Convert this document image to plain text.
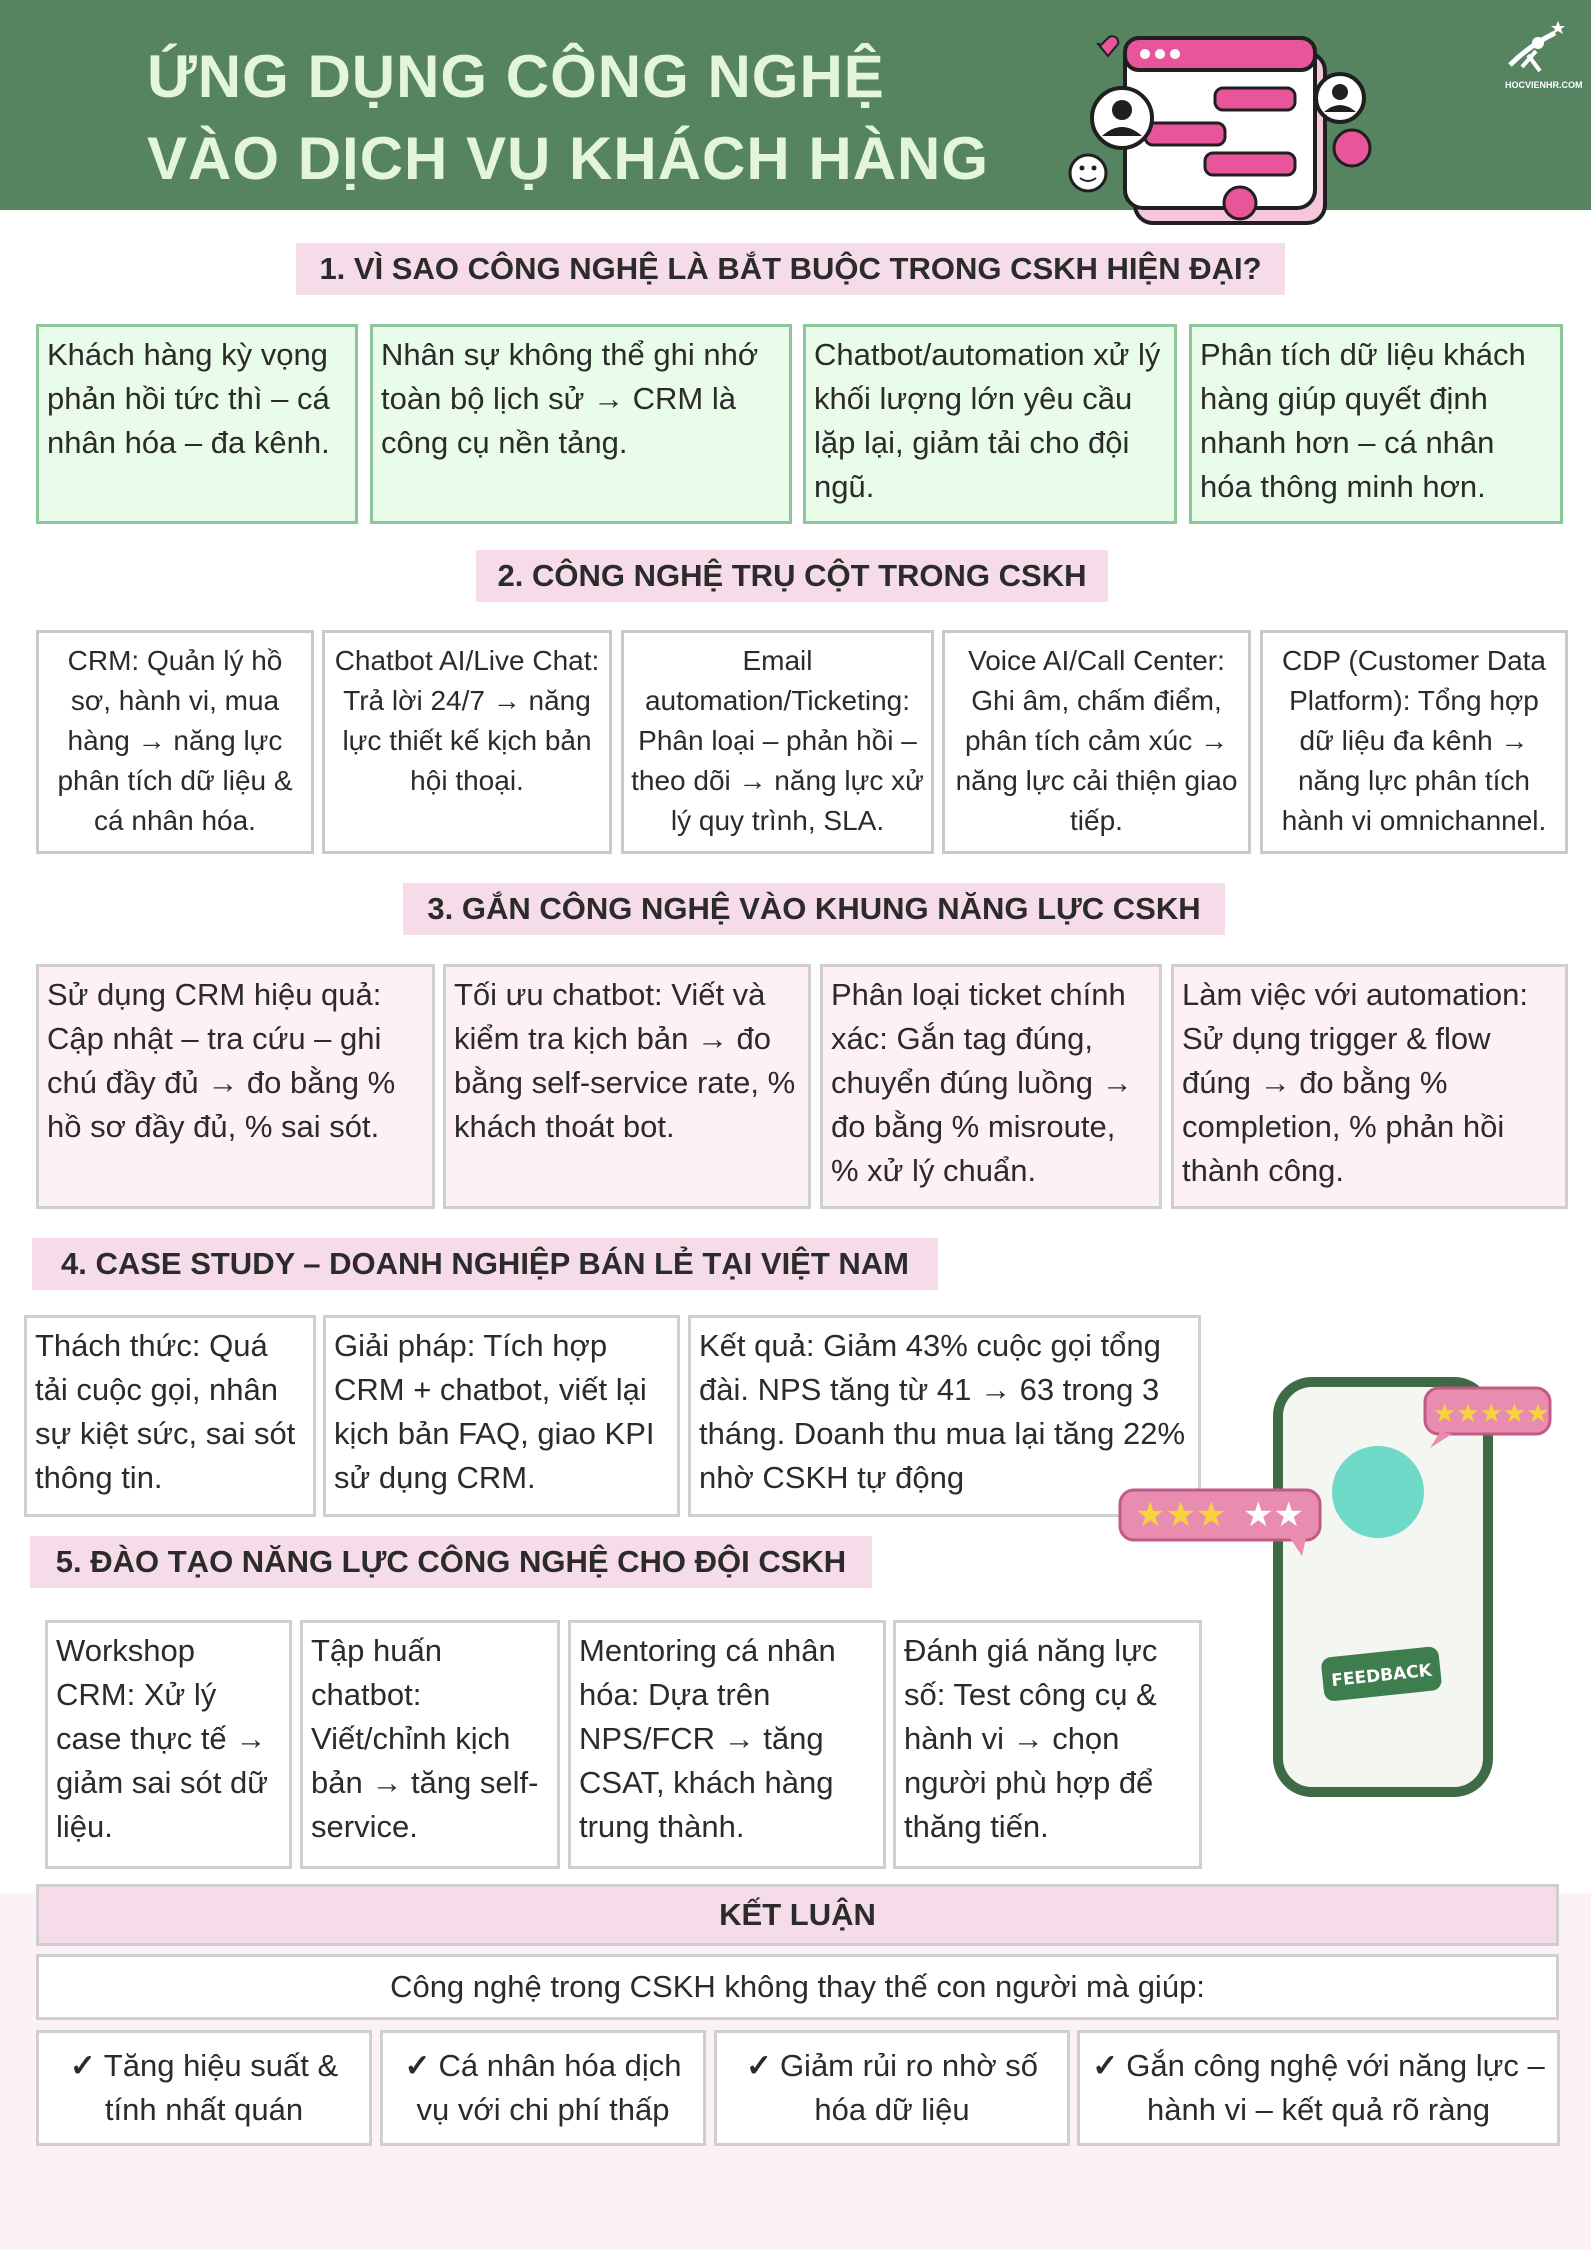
ỨNG DỤNG CÔNG NGHỆ
VÀO DỊCH VỤ KHÁCH HÀNG
HOCVIENHR.COM
1. VÌ SAO CÔNG NGHỆ LÀ BẮT BUỘC TRONG CSKH HIỆN ĐẠI?
Khách hàng kỳ vọng phản hồi tức thì – cá nhân hóa – đa kênh.
Nhân sự không thể ghi nhớ toàn bộ lịch sử → CRM là công cụ nền tảng.
Chatbot/automation xử lý khối lượng lớn yêu cầu lặp lại, giảm tải cho đội ngũ.
Phân tích dữ liệu khách hàng giúp quyết định nhanh hơn – cá nhân hóa thông minh hơn.
2. CÔNG NGHỆ TRỤ CỘT TRONG CSKH
CRM: Quản lý hồ sơ, hành vi, mua hàng → năng lực phân tích dữ liệu & cá nhân hóa.
Chatbot AI/Live Chat: Trả lời 24/7 → năng lực thiết kế kịch bản hội thoại.
Email automation/Ticketing: Phân loại – phản hồi – theo dõi → năng lực xử lý quy trình, SLA.
Voice AI/Call Center: Ghi âm, chấm điểm, phân tích cảm xúc → năng lực cải thiện giao tiếp.
CDP (Customer Data Platform): Tổng hợp dữ liệu đa kênh → năng lực phân tích hành vi omnichannel.
3. GẮN CÔNG NGHỆ VÀO KHUNG NĂNG LỰC CSKH
Sử dụng CRM hiệu quả: Cập nhật – tra cứu – ghi chú đầy đủ → đo bằng % hồ sơ đầy đủ, % sai sót.
Tối ưu chatbot: Viết và kiểm tra kịch bản → đo bằng self-service rate, % khách thoát bot.
Phân loại ticket chính xác: Gắn tag đúng, chuyển đúng luồng → đo bằng % misroute, % xử lý chuẩn.
Làm việc với automation: Sử dụng trigger & flow đúng → đo bằng % completion, % phản hồi thành công.
4. CASE STUDY – DOANH NGHIỆP BÁN LẺ TẠI VIỆT NAM
Thách thức: Quá tải cuộc gọi, nhân sự kiệt sức, sai sót thông tin.
Giải pháp: Tích hợp CRM + chatbot, viết lại kịch bản FAQ, giao KPI sử dụng CRM.
Kết quả: Giảm 43% cuộc gọi tổng đài. NPS tăng từ 41 → 63 trong 3 tháng. Doanh thu mua lại tăng 22% nhờ CSKH tự động
5. ĐÀO TẠO NĂNG LỰC CÔNG NGHỆ CHO ĐỘI CSKH
Workshop CRM: Xử lý case thực tế → giảm sai sót dữ liệu.
Tập huấn chatbot: Viết/chỉnh kịch bản → tăng self-service.
Mentoring cá nhân hóa: Dựa trên NPS/FCR → tăng CSAT, khách hàng trung thành.
Đánh giá năng lực số: Test công cụ & hành vi → chọn người phù hợp để thăng tiến.
★★★ ★★
★★★★★
FEEDBACK
KẾT LUẬN
Công nghệ trong CSKH không thay thế con người mà giúp:
✓ Tăng hiệu suất & tính nhất quán
✓ Cá nhân hóa dịch vụ với chi phí thấp
✓ Giảm rủi ro nhờ số hóa dữ liệu
✓ Gắn công nghệ với năng lực – hành vi – kết quả rõ ràng
